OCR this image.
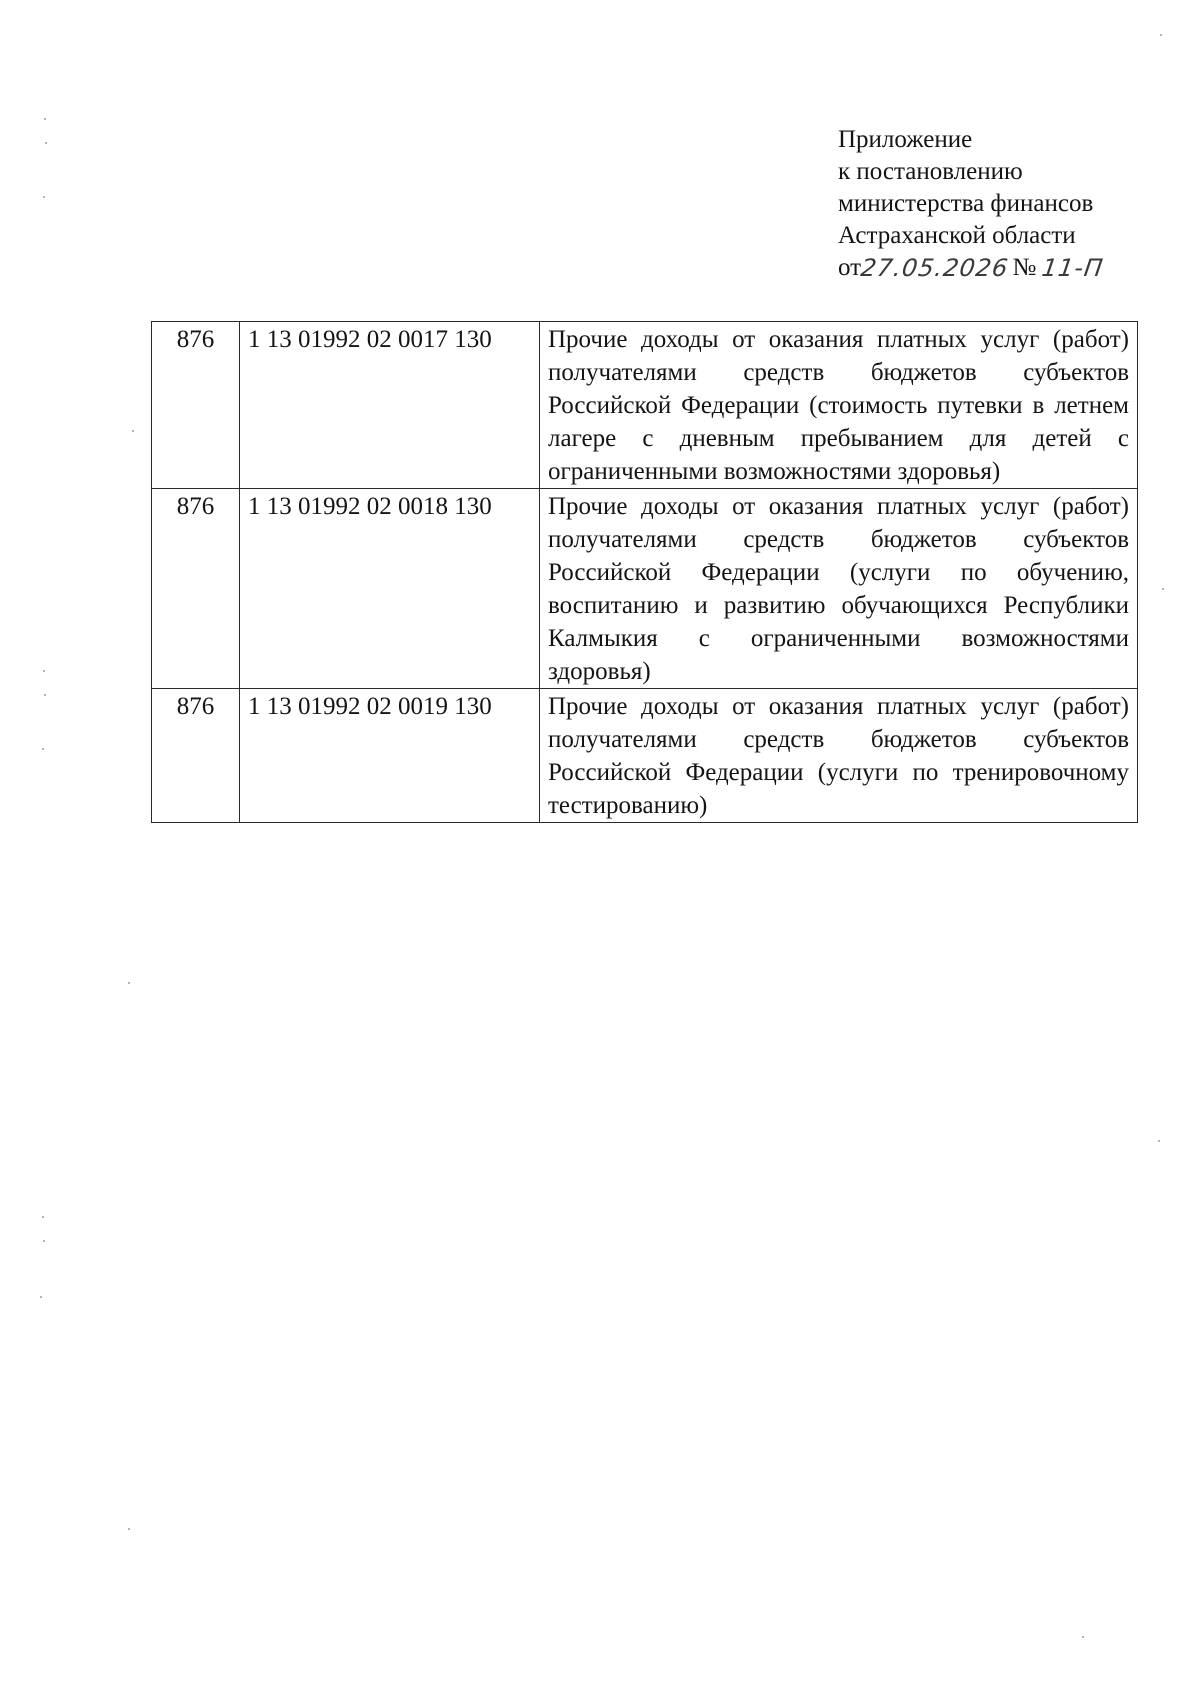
Приложение
к постановлению
министерства финансов
Астраханской области
от
27.05.2026 № 11-П
876	1 13 01992 02 0017 130	Прочие доходы от оказания платных услуг (работ) получателями средств бюджетов субъектов Российской Федерации (стоимость путевки в летнем лагере с дневным пребыванием для детей с ограниченными возможностями здоровья)
876	1 13 01992 02 0018 130	Прочие доходы от оказания платных услуг (работ) получателями средств бюджетов субъектов Российской Федерации (услуги по обучению, воспитанию и развитию обучающихся Республики Калмыкия с ограниченными возможностями здоровья)
876	1 13 01992 02 0019 130	Прочие доходы от оказания платных услуг (работ) получателями средств бюджетов субъектов Российской Федерации (услуги по тренировочному тестированию)
